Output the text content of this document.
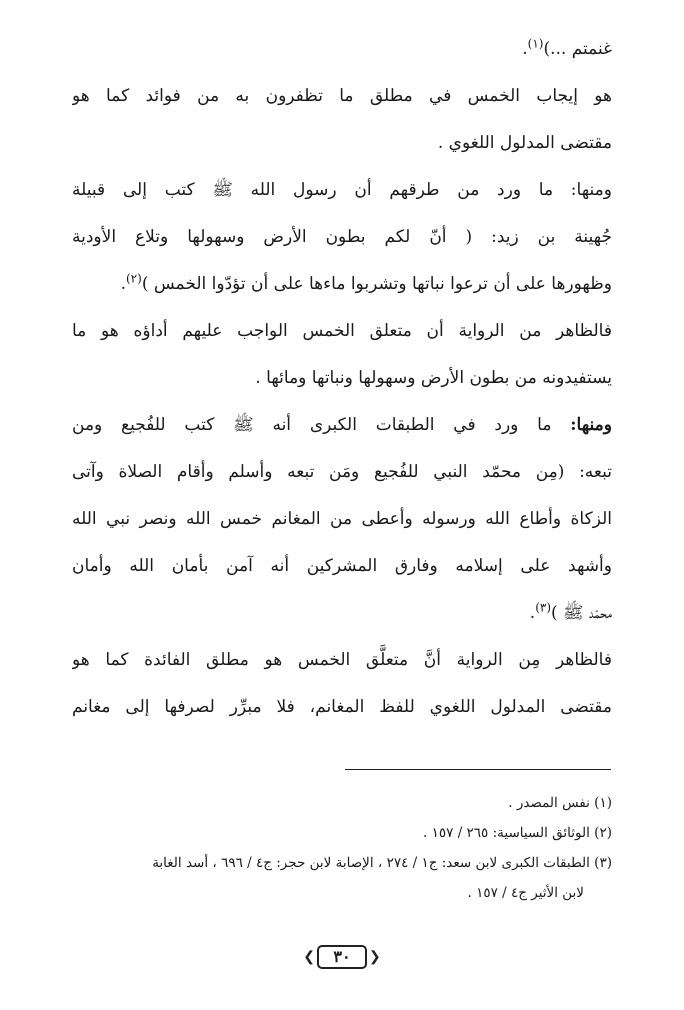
غنمتم ...)$^{(١)}$.
هو إيجاب الخمس في مطلق ما تظفرون به من فوائد كما هو
مقتضى المدلول اللغوي .
ومنها: ما ورد من طرقهم أن رسول الله ﷺ كتب إلى قبيلة
جُهينة بن زيد: ( أنّ لكم بطون الأرض وسهولها وتلاع الأودية
وظهورها على أن ترعوا نباتها وتشربوا ماءها على أن تؤدّوا الخمس )$^{(٢)}$.
فالظاهر من الرواية أن متعلق الخمس الواجب عليهم أداؤه هو ما
يستفيدونه من بطون الأرض وسهولها ونباتها ومائها .
ومنها: ما ورد في الطبقات الكبرى أنه ﷺ كتب للفُجيع ومن
تبعه: (مِن محمّد النبي للفُجيع ومَن تبعه وأسلم وأقام الصلاة وآتى
الزكاة وأطاع الله ورسوله وأعطى من المغانم خمس الله ونصر نبي الله
وأشهد على إسلامه وفارق المشركين أنه آمن بأمان الله وأمان
محمّد ﷺ )$^{(٣)}$.
فالظاهر مِن الرواية أنَّ متعلَّق الخمس هو مطلق الفائدة كما هو
مقتضى المدلول اللغوي للفظ المغانم، فلا مبرِّر لصرفها إلى مغانم
(١) نفس المصدر .
(٢) الوثائق السياسية: ٢٦٥ / ١٥٧ .
(٣) الطبقات الكبرى لابن سعد: ج١ / ٢٧٤ ، الإصابة لابن حجر: ج٤ / ٦٩٦ ، أسد الغابة
لابن الأثير ج٤ / ١٥٧ .
❮
٣٠
❯
